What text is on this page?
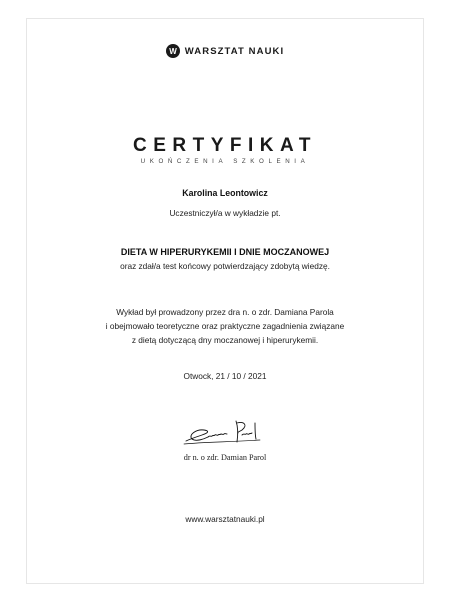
W WARSZTAT NAUKI
CERTYFIKAT
UKOŃCZENIA SZKOLENIA
Karolina Leontowicz
Uczestniczył/a w wykładzie pt.
DIETA W HIPERURYKEMII I DNIE MOCZANOWEJ
oraz zdał/a test końcowy potwierdzający zdobytą wiedzę.
Wykład był prowadzony przez dra n. o zdr. Damiana Parola
i obejmowało teoretyczne oraz praktyczne zagadnienia związane
z dietą dotyczącą dny moczanowej i hiperurykemii.
Otwock, 21 / 10 / 2021
dr n. o zdr. Damian Parol
www.warsztatnauki.pl
